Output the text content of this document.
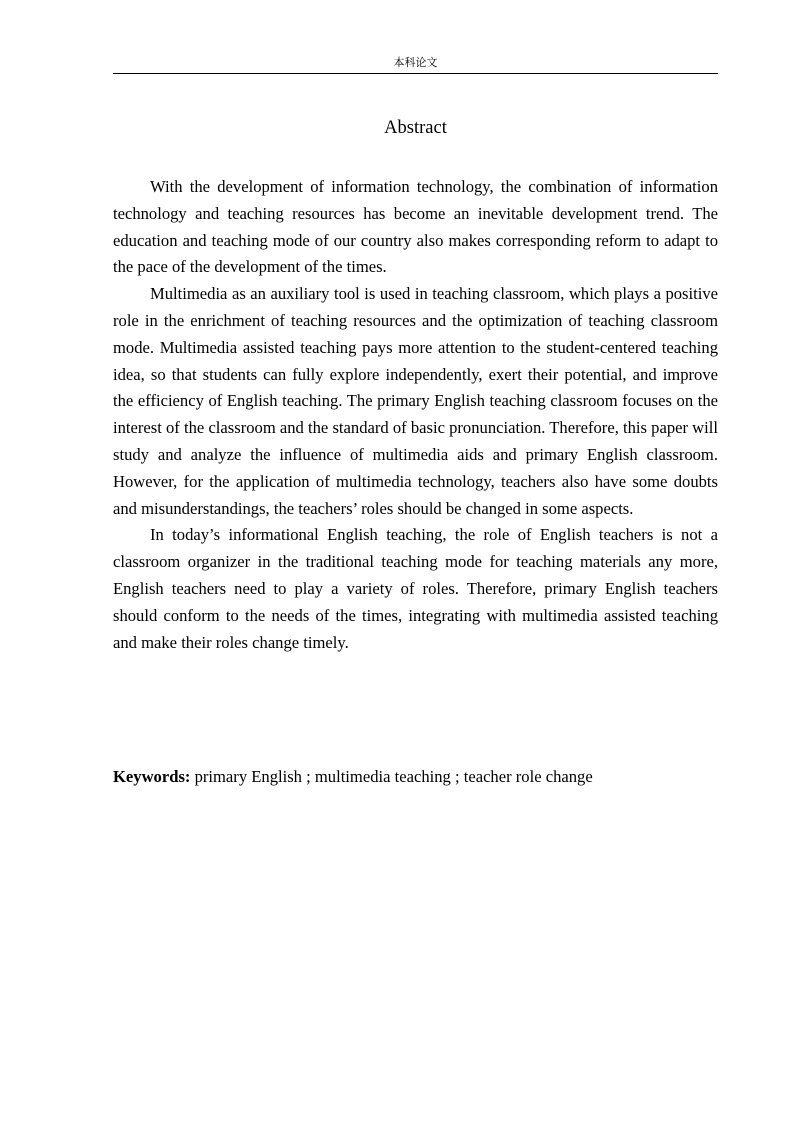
本科论文
Abstract

With the development of information technology, the combination of information technology and teaching resources has become an inevitable development trend. The education and teaching mode of our country also makes corresponding reform to adapt to the pace of the development of the times.

Multimedia as an auxiliary tool is used in teaching classroom, which plays a positive role in the enrichment of teaching resources and the optimization of teaching classroom mode. Multimedia assisted teaching pays more attention to the student-centered teaching idea, so that students can fully explore independently, exert their potential, and improve the efficiency of English teaching. The primary English teaching classroom focuses on the interest of the classroom and the standard of basic pronunciation. Therefore, this paper will study and analyze the influence of multimedia aids and primary English classroom. However, for the application of multimedia technology, teachers also have some doubts and misunderstandings, the teachers’ roles should be changed in some aspects.

In today’s informational English teaching, the role of English teachers is not a classroom organizer in the traditional teaching mode for teaching materials any more, English teachers need to play a variety of roles. Therefore, primary English teachers should conform to the needs of the times, integrating with multimedia assisted teaching and make their roles change timely.

Keywords: primary English ; multimedia teaching ; teacher role change
